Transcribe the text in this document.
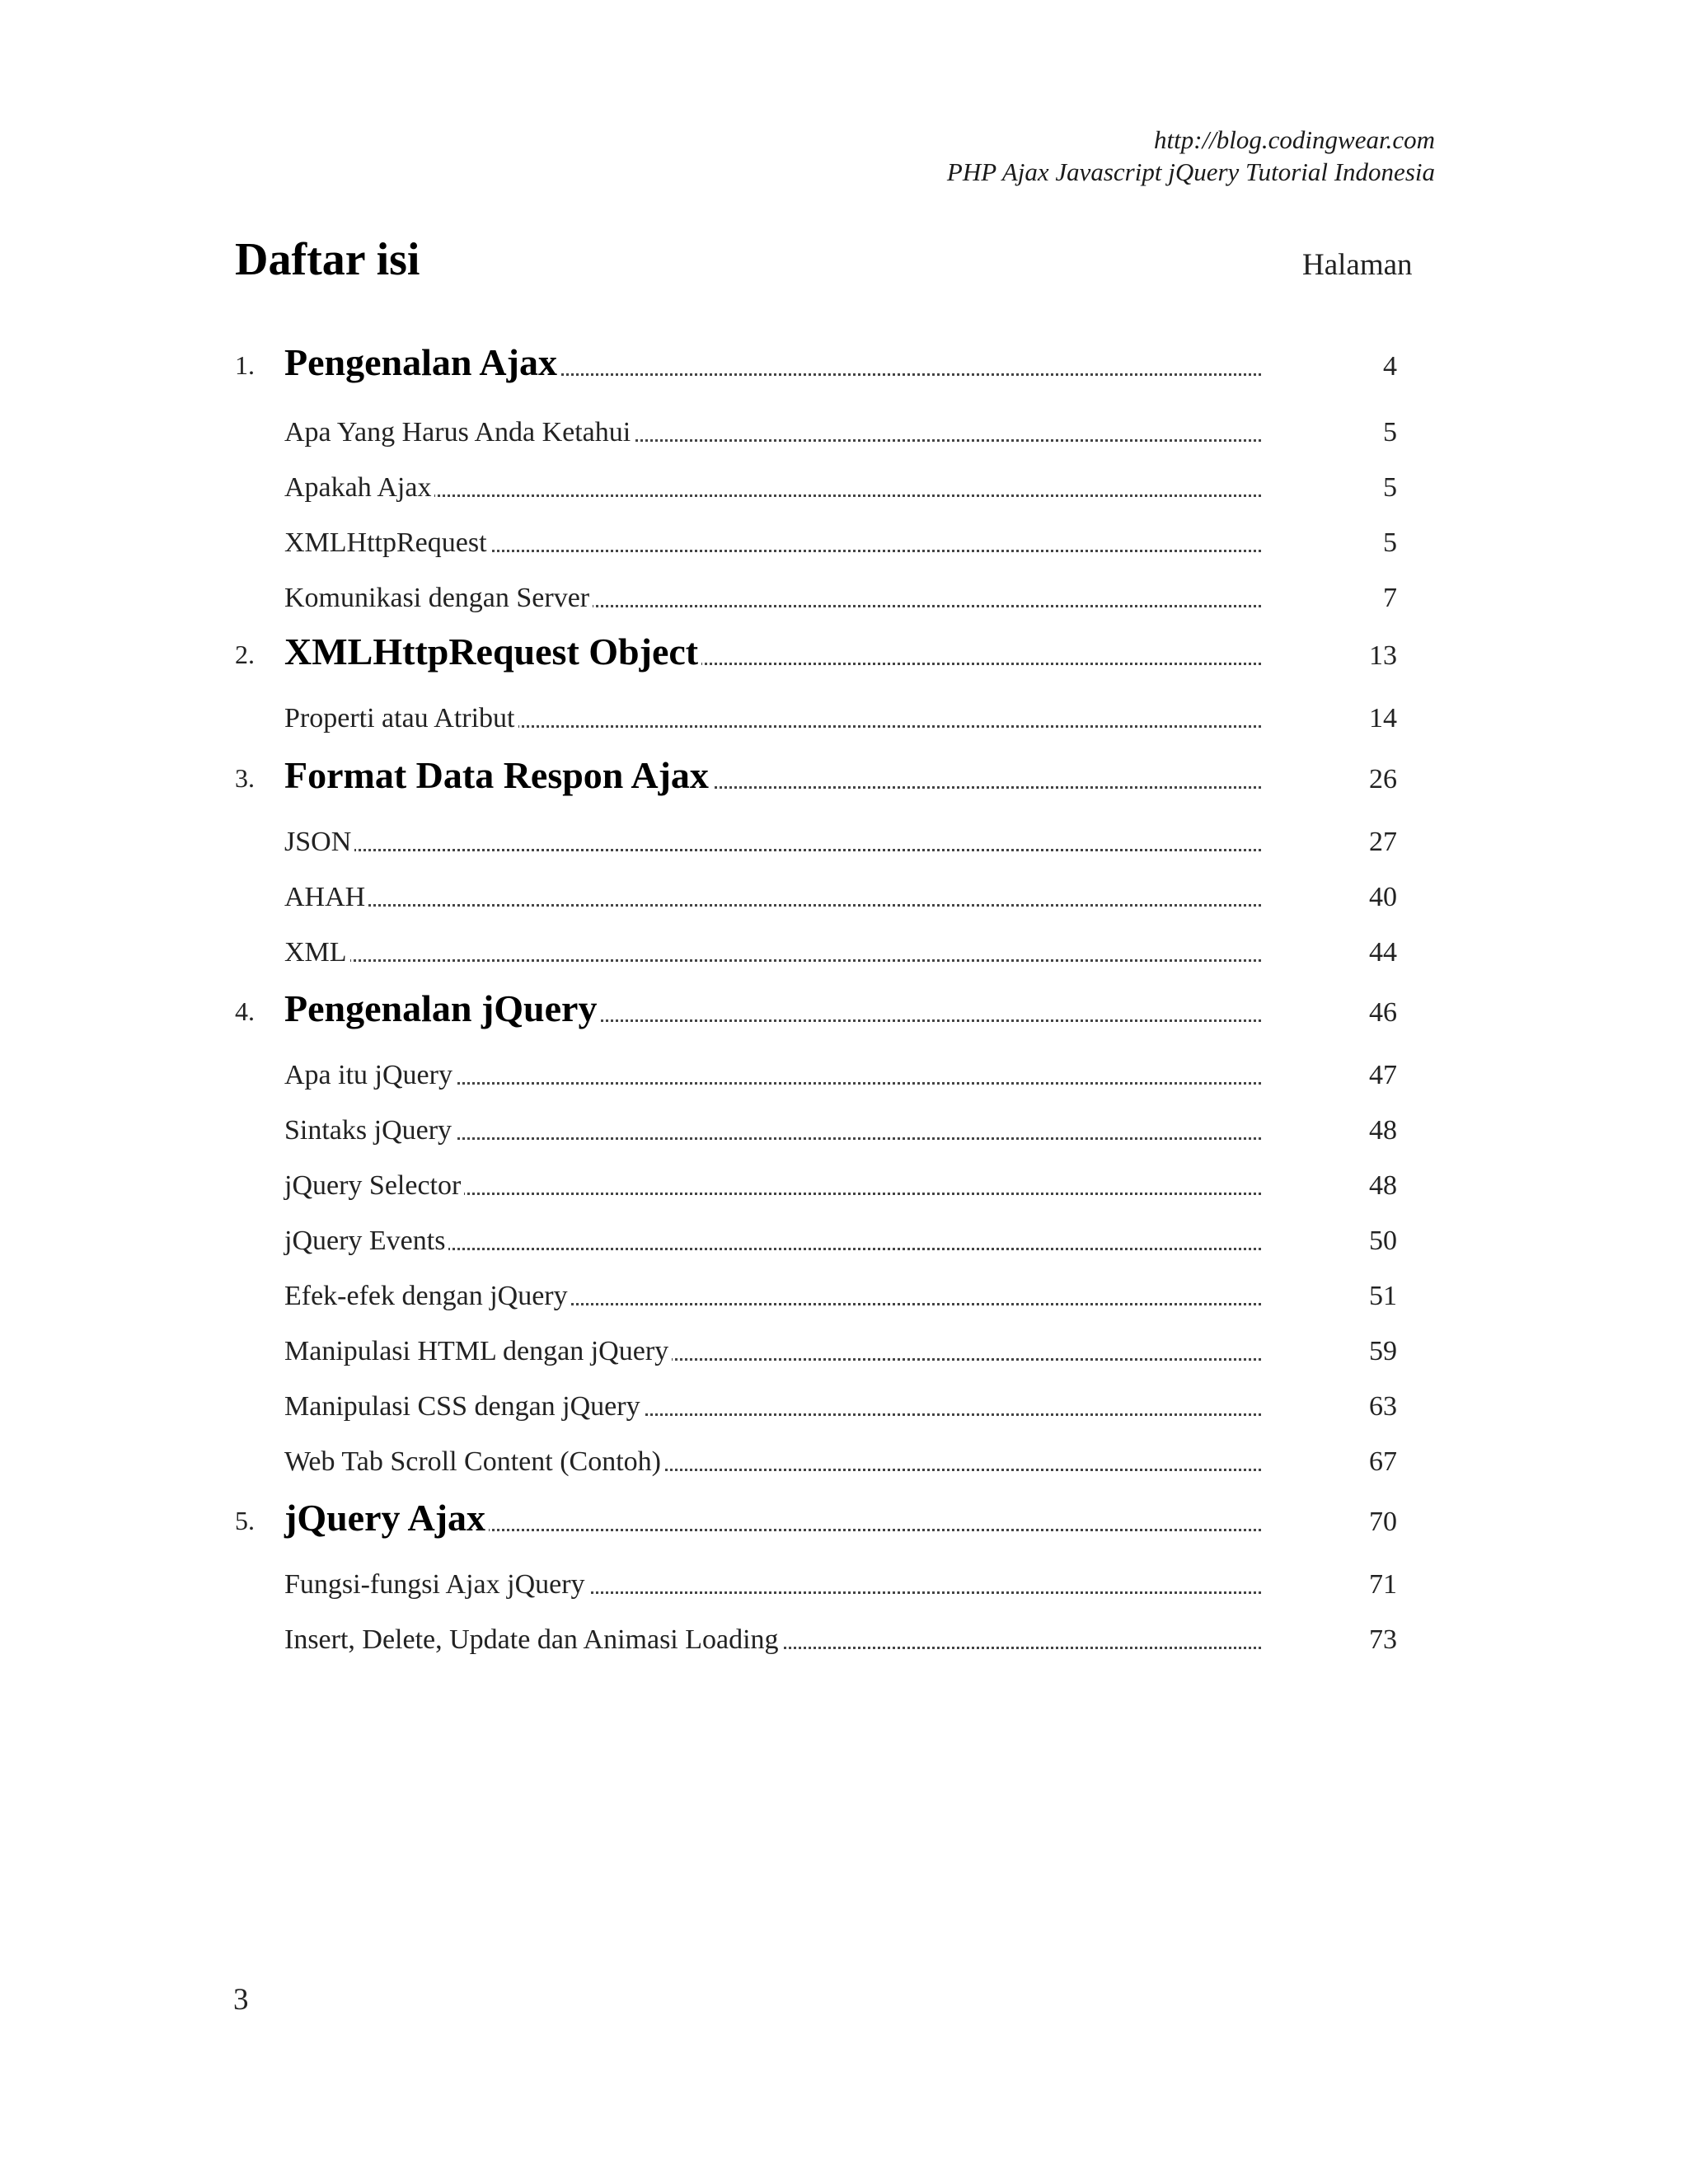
http://blog.codingwear.com
PHP Ajax Javascript jQuery Tutorial Indonesia
Daftar isi	Halaman
1. Pengenalan Ajax	4
Apa Yang Harus Anda Ketahui	5
Apakah Ajax	5
XMLHttpRequest	5
Komunikasi dengan Server	7
2. XMLHttpRequest Object	13
Properti atau Atribut	14
3. Format Data Respon Ajax	26
JSON	27
AHAH	40
XML	44
4. Pengenalan jQuery	46
Apa itu jQuery	47
Sintaks jQuery	48
jQuery Selector	48
jQuery Events	50
Efek-efek dengan jQuery	51
Manipulasi HTML dengan jQuery	59
Manipulasi CSS dengan jQuery	63
Web Tab Scroll Content (Contoh)	67
5. jQuery Ajax	70
Fungsi-fungsi Ajax jQuery	71
Insert, Delete, Update dan Animasi Loading	73
3
